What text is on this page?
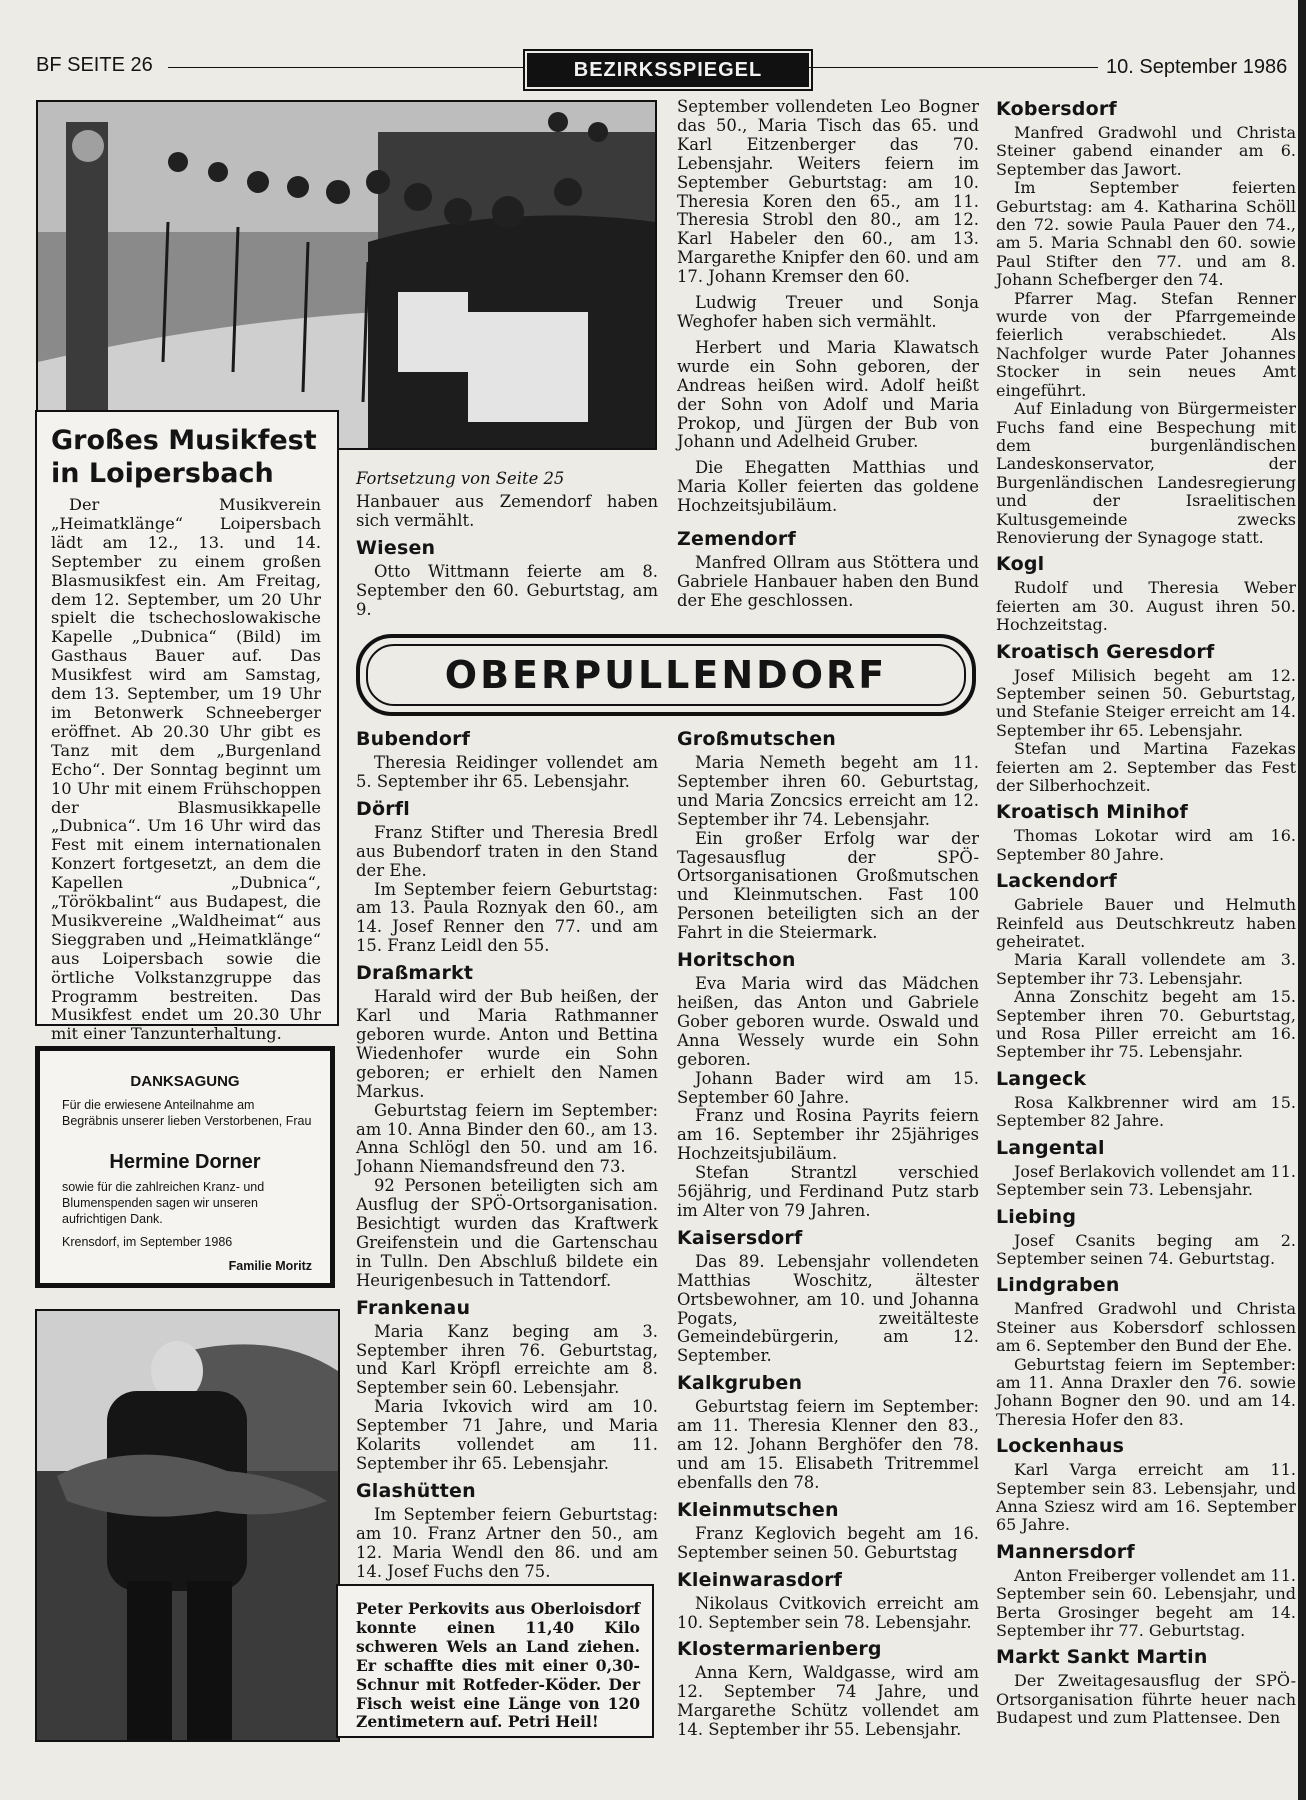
BF SEITE 26	BEZIRKSSPIEGEL	10. September 1986
Großes Musikfest in Loipersbach
Der Musikverein „Heimatklänge“ Loipersbach lädt am 12., 13. und 14. September zu einem großen Blasmusikfest ein. Am Freitag, dem 12. September, um 20 Uhr spielt die tschechoslowakische Kapelle „Dubnica“ (Bild) im Gasthaus Bauer auf. Das Musikfest wird am Samstag, dem 13. September, um 19 Uhr im Betonwerk Schneeberger eröffnet. Ab 20.30 Uhr gibt es Tanz mit dem „Burgenland Echo“. Der Sonntag beginnt um 10 Uhr mit einem Frühschoppen der Blasmusikkapelle „Dubnica“. Um 16 Uhr wird das Fest mit einem internationalen Konzert fortgesetzt, an dem die Kapellen „Dubnica“, „Törökbalint“ aus Budapest, die Musikvereine „Waldheimat“ aus Sieggraben und „Heimatklänge“ aus Loipersbach sowie die örtliche Volkstanzgruppe das Programm bestreiten. Das Musikfest endet um 20.30 Uhr mit einer Tanzunterhaltung.
DANKSAGUNG
Für die erwiesene Anteilnahme am Begräbnis unserer lieben Verstorbenen, Frau
Hermine Dorner
sowie für die zahlreichen Kranz- und Blumenspenden sagen wir unseren aufrichtigen Dank.
Krensdorf, im September 1986
Familie Moritz
Peter Perkovits aus Oberloisdorf konnte einen 11,40 Kilo schweren Wels an Land ziehen. Er schaffte dies mit einer 0,30-Schnur mit Rotfeder-Köder. Der Fisch weist eine Länge von 120 Zentimetern auf. Petri Heil!

Fortsetzung von Seite 25

Hanbauer aus Zemendorf haben sich vermählt.

Wiesen

Otto Wittmann feierte am 8. September den 60. Geburtstag, am 9.

September vollendeten Leo Bogner das 50., Maria Tisch das 65. und Karl Eitzenberger das 70. Lebensjahr. Weiters feiern im September Geburtstag: am 10. Theresia Koren den 65., am 11. Theresia Strobl den 80., am 12. Karl Habeler den 60., am 13. Margarethe Knipfer den 60. und am 17. Johann Kremser den 60.

Ludwig Treuer und Sonja Weghofer haben sich vermählt.

Herbert und Maria Klawatsch wurde ein Sohn geboren, der Andreas heißen wird. Adolf heißt der Sohn von Adolf und Maria Prokop, und Jürgen der Bub von Johann und Adelheid Gruber.

Die Ehegatten Matthias und Maria Koller feierten das goldene Hochzeitsjubiläum.

Zemendorf

Manfred Ollram aus Stöttera und Gabriele Hanbauer haben den Bund der Ehe geschlossen.

OBERPULLENDORF
Bubendorf

Theresia Reidinger vollendet am 5. September ihr 65. Lebensjahr.

Dörfl

Franz Stifter und Theresia Bredl aus Bubendorf traten in den Stand der Ehe.

Im September feiern Geburtstag: am 13. Paula Roznyak den 60., am 14. Josef Renner den 77. und am 15. Franz Leidl den 55.

Draßmarkt

Harald wird der Bub heißen, der Karl und Maria Rathmanner geboren wurde. Anton und Bettina Wiedenhofer wurde ein Sohn geboren; er erhielt den Namen Markus.

Geburtstag feiern im September: am 10. Anna Binder den 60., am 13. Anna Schlögl den 50. und am 16. Johann Niemandsfreund den 73.

92 Personen beteiligten sich am Ausflug der SPÖ-Ortsorganisation. Besichtigt wurden das Kraftwerk Greifenstein und die Gartenschau in Tulln. Den Abschluß bildete ein Heurigenbesuch in Tattendorf.

Frankenau

Maria Kanz beging am 3. September ihren 76. Geburtstag, und Karl Kröpfl erreichte am 8. September sein 60. Lebensjahr.

Maria Ivkovich wird am 10. September 71 Jahre, und Maria Kolarits vollendet am 11. September ihr 65. Lebensjahr.

Glashütten

Im September feiern Geburtstag: am 10. Franz Artner den 50., am 12. Maria Wendl den 86. und am 14. Josef Fuchs den 75.

Großmutschen

Maria Nemeth begeht am 11. September ihren 60. Geburtstag, und Maria Zoncsics erreicht am 12. September ihr 74. Lebensjahr.

Ein großer Erfolg war der Tagesausflug der SPÖ-Ortsorganisationen Großmutschen und Kleinmutschen. Fast 100 Personen beteiligten sich an der Fahrt in die Steiermark.

Horitschon

Eva Maria wird das Mädchen heißen, das Anton und Gabriele Gober geboren wurde. Oswald und Anna Wessely wurde ein Sohn geboren.

Johann Bader wird am 15. September 60 Jahre.

Franz und Rosina Payrits feiern am 16. September ihr 25jähriges Hochzeitsjubiläum.

Stefan Strantzl verschied 56jährig, und Ferdinand Putz starb im Alter von 79 Jahren.

Kaisersdorf

Das 89. Lebensjahr vollendeten Matthias Woschitz, ältester Ortsbewohner, am 10. und Johanna Pogats, zweitälteste Gemeindebürgerin, am 12. September.

Kalkgruben

Geburtstag feiern im September: am 11. Theresia Klenner den 83., am 12. Johann Berghöfer den 78. und am 15. Elisabeth Tritremmel ebenfalls den 78.

Kleinmutschen

Franz Keglovich begeht am 16. September seinen 50. Geburtstag

Kleinwarasdorf

Nikolaus Cvitkovich erreicht am 10. September sein 78. Lebensjahr.

Klostermarienberg

Anna Kern, Waldgasse, wird am 12. September 74 Jahre, und Margarethe Schütz vollendet am 14. September ihr 55. Lebensjahr.

Kobersdorf

Manfred Gradwohl und Christa Steiner gabend einander am 6. September das Jawort.

Im September feierten Geburtstag: am 4. Katharina Schöll den 72. sowie Paula Pauer den 74., am 5. Maria Schnabl den 60. sowie Paul Stifter den 77. und am 8. Johann Schefberger den 74.

Pfarrer Mag. Stefan Renner wurde von der Pfarrgemeinde feierlich verabschiedet. Als Nachfolger wurde Pater Johannes Stocker in sein neues Amt eingeführt.

Auf Einladung von Bürgermeister Fuchs fand eine Bespechung mit dem burgenländischen Landeskonservator, der Burgenländischen Landesregierung und der Israelitischen Kultusgemeinde zwecks Renovierung der Synagoge statt.

Kogl

Rudolf und Theresia Weber feierten am 30. August ihren 50. Hochzeitstag.

Kroatisch Geresdorf

Josef Milisich begeht am 12. September seinen 50. Geburtstag, und Stefanie Steiger erreicht am 14. September ihr 65. Lebensjahr.

Stefan und Martina Fazekas feierten am 2. September das Fest der Silberhochzeit.

Kroatisch Minihof

Thomas Lokotar wird am 16. September 80 Jahre.

Lackendorf

Gabriele Bauer und Helmuth Reinfeld aus Deutschkreutz haben geheiratet.

Maria Karall vollendete am 3. September ihr 73. Lebensjahr.

Anna Zonschitz begeht am 15. September ihren 70. Geburtstag, und Rosa Piller erreicht am 16. September ihr 75. Lebensjahr.

Langeck

Rosa Kalkbrenner wird am 15. September 82 Jahre.

Langental

Josef Berlakovich vollendet am 11. September sein 73. Lebensjahr.

Liebing

Josef Csanits beging am 2. September seinen 74. Geburtstag.

Lindgraben

Manfred Gradwohl und Christa Steiner aus Kobersdorf schlossen am 6. September den Bund der Ehe.

Geburtstag feiern im September: am 11. Anna Draxler den 76. sowie Johann Bogner den 90. und am 14. Theresia Hofer den 83.

Lockenhaus

Karl Varga erreicht am 11. September sein 83. Lebensjahr, und Anna Sziesz wird am 16. September 65 Jahre.

Mannersdorf

Anton Freiberger vollendet am 11. September sein 60. Lebensjahr, und Berta Grosinger begeht am 14. September ihr 77. Geburtstag.

Markt Sankt Martin

Der Zweitagesausflug der SPÖ-Ortsorganisation führte heuer nach Budapest und zum Plattensee. Den
